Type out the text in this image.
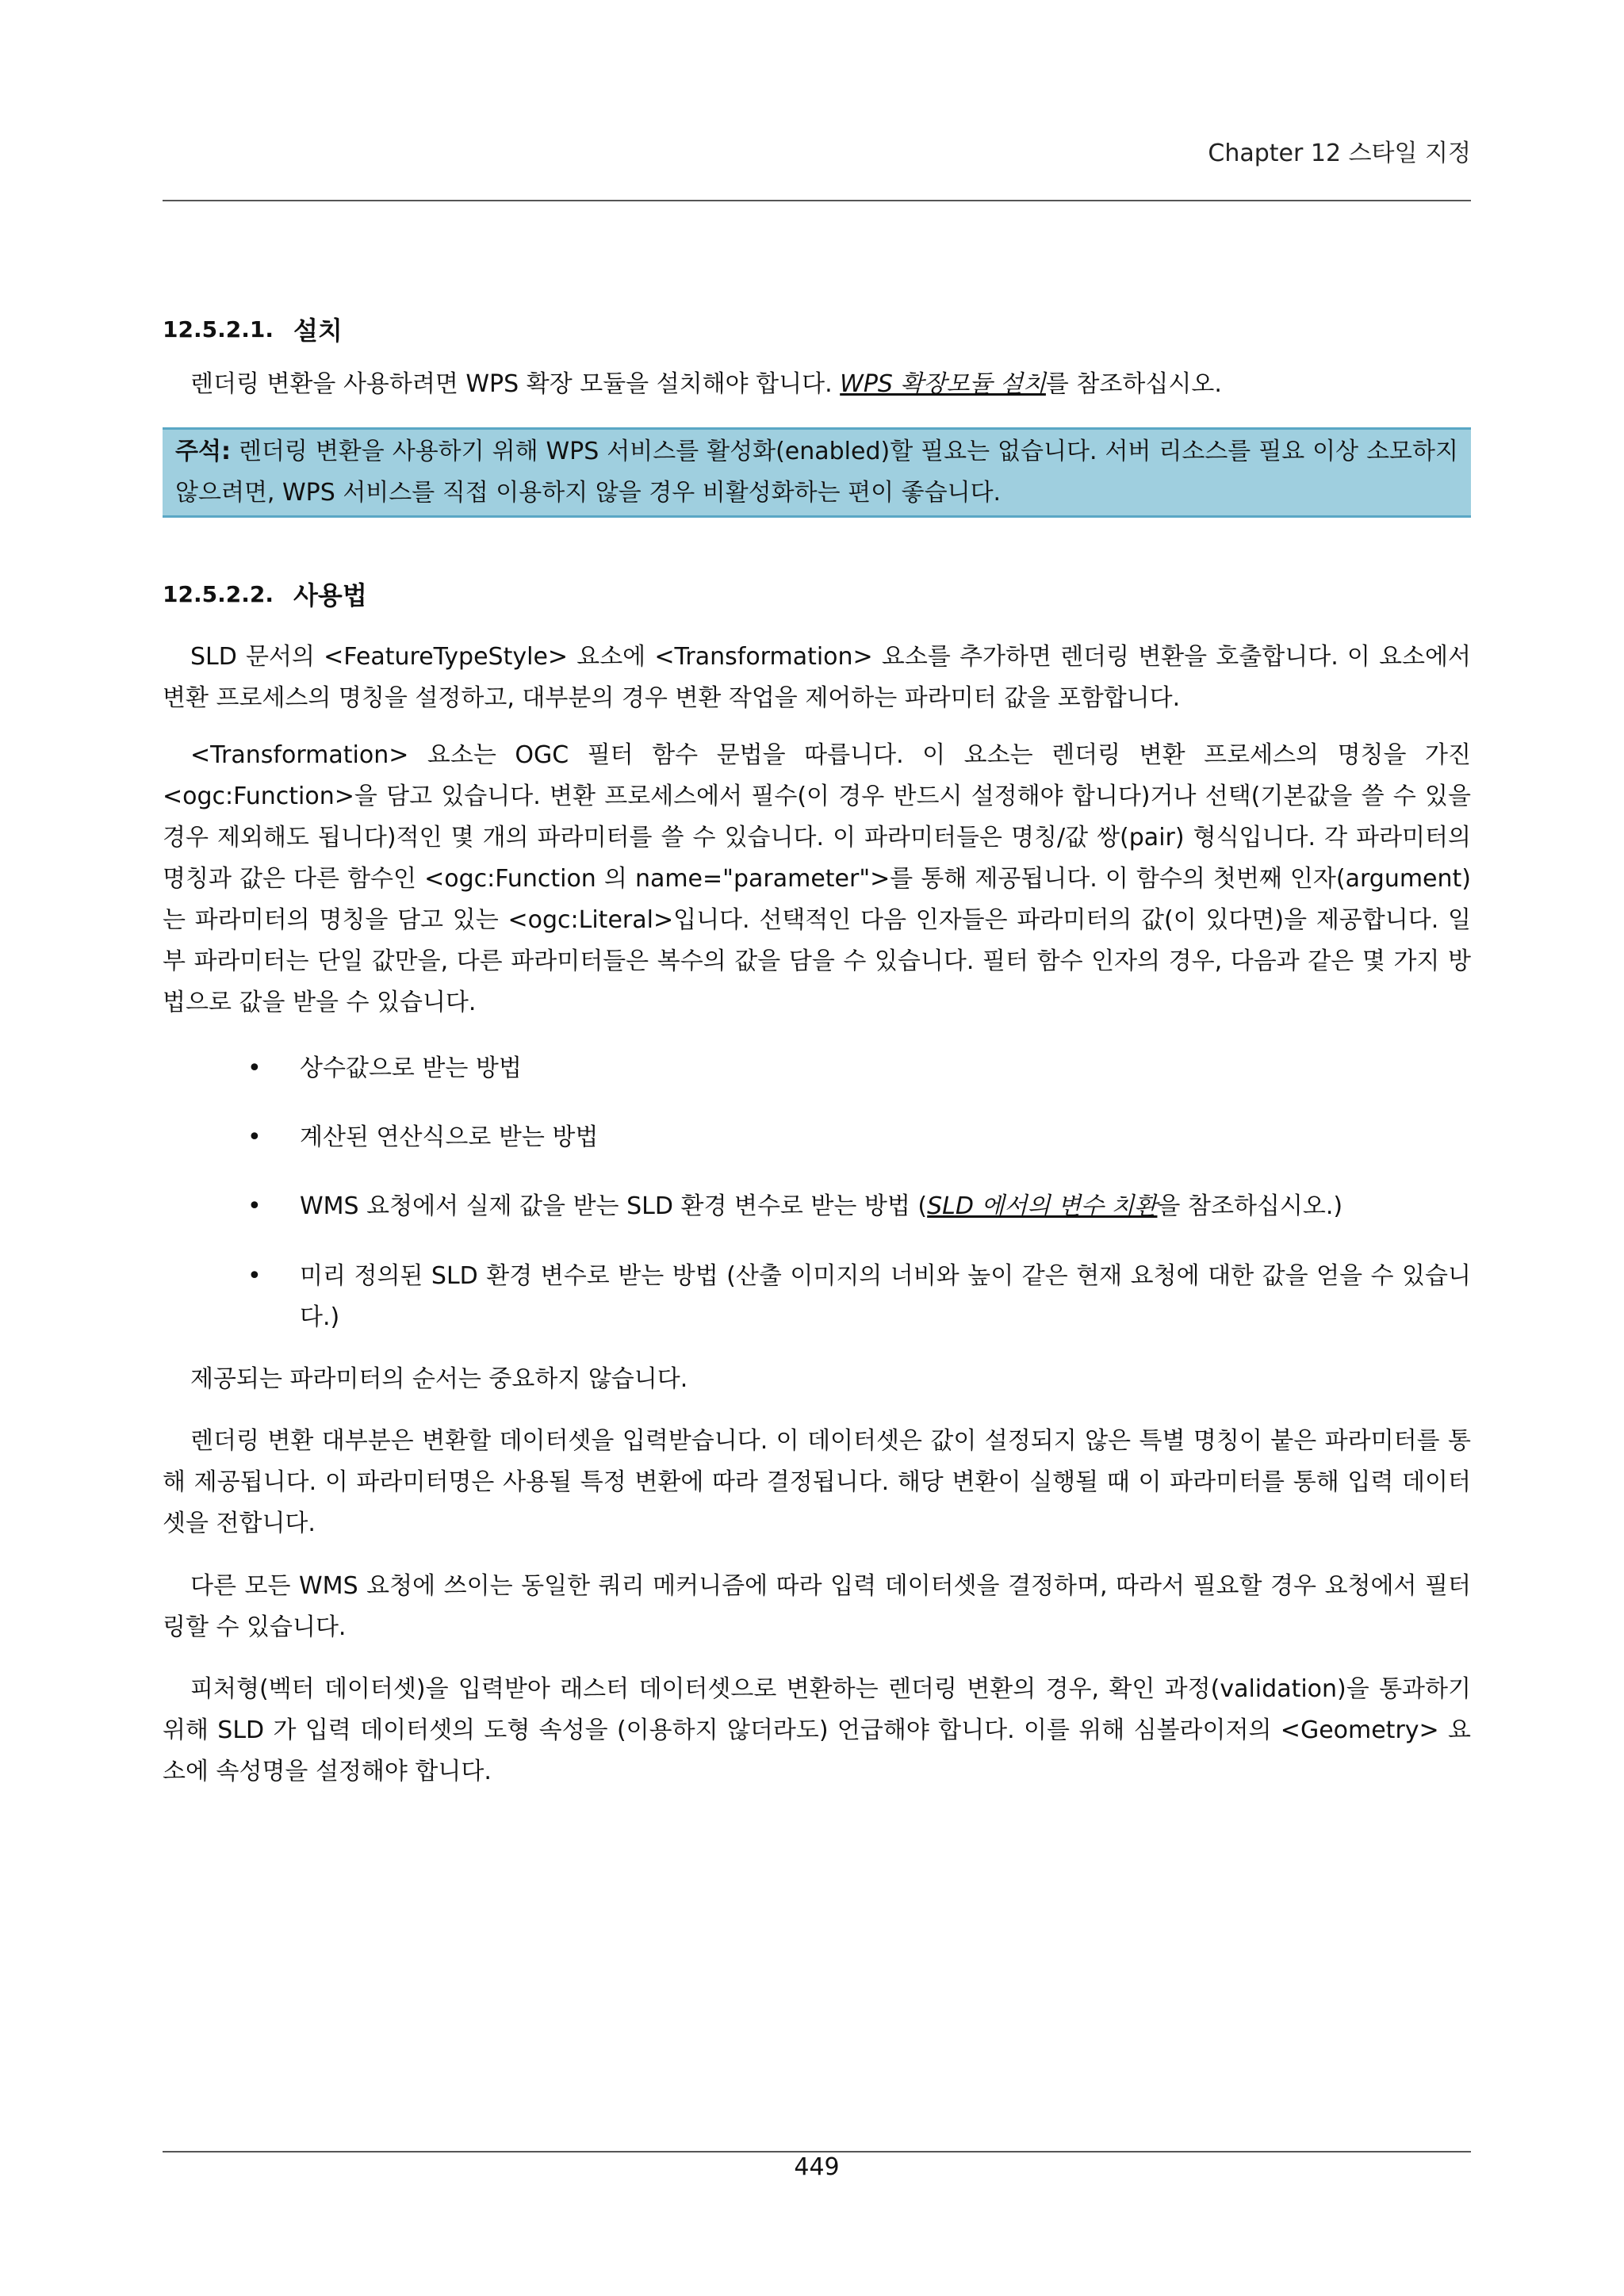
Chapter 12 스타일 지정
12.5.2.1. 설치

렌더링 변환을 사용하려면 WPS 확장 모듈을 설치해야 합니다. WPS 확장모듈 설치를 참조하십시오.

주석: 렌더링 변환을 사용하기 위해 WPS 서비스를 활성화(enabled)할 필요는 없습니다. 서버 리소스를 필요 이상 소모하지 않으려면, WPS 서비스를 직접 이용하지 않을 경우 비활성화하는 편이 좋습니다.
12.5.2.2. 사용법

SLD 문서의 <FeatureTypeStyle> 요소에 <Transformation> 요소를 추가하면 렌더링 변환을 호출합니다. 이 요소에서 변환 프로세스의 명칭을 설정하고, 대부분의 경우 변환 작업을 제어하는 파라미터 값을 포함합니다.

<Transformation> 요소는 OGC 필터 함수 문법을 따릅니다. 이 요소는 렌더링 변환 프로세스의 명칭을 가진 <ogc:Function>을 담고 있습니다. 변환 프로세스에서 필수(이 경우 반드시 설정해야 합니다)거나 선택(기본값을 쓸 수 있을 경우 제외해도 됩니다)적인 몇 개의 파라미터를 쓸 수 있습니다. 이 파라미터들은 명칭/값 쌍(pair) 형식입니다. 각 파라미터의 명칭과 값은 다른 함수인 <ogc:Function 의 name="parameter">를 통해 제공됩니다. 이 함수의 첫번째 인자(argument)는 파라미터의 명칭을 담고 있는 <ogc:Literal>입니다. 선택적인 다음 인자들은 파라미터의 값(이 있다면)을 제공합니다. 일부 파라미터는 단일 값만을, 다른 파라미터들은 복수의 값을 담을 수 있습니다. 필터 함수 인자의 경우, 다음과 같은 몇 가지 방법으로 값을 받을 수 있습니다.

• 상수값으로 받는 방법
• 계산된 연산식으로 받는 방법
• WMS 요청에서 실제 값을 받는 SLD 환경 변수로 받는 방법 (SLD 에서의 변수 치환을 참조하십시오.)
• 미리 정의된 SLD 환경 변수로 받는 방법 (산출 이미지의 너비와 높이 같은 현재 요청에 대한 값을 얻을 수 있습니다.)

제공되는 파라미터의 순서는 중요하지 않습니다.

렌더링 변환 대부분은 변환할 데이터셋을 입력받습니다. 이 데이터셋은 값이 설정되지 않은 특별 명칭이 붙은 파라미터를 통해 제공됩니다. 이 파라미터명은 사용될 특정 변환에 따라 결정됩니다. 해당 변환이 실행될 때 이 파라미터를 통해 입력 데이터셋을 전합니다.

다른 모든 WMS 요청에 쓰이는 동일한 쿼리 메커니즘에 따라 입력 데이터셋을 결정하며, 따라서 필요할 경우 요청에서 필터링할 수 있습니다.

피처형(벡터 데이터셋)을 입력받아 래스터 데이터셋으로 변환하는 렌더링 변환의 경우, 확인 과정(validation)을 통과하기 위해 SLD 가 입력 데이터셋의 도형 속성을 (이용하지 않더라도) 언급해야 합니다. 이를 위해 심볼라이저의 <Geometry> 요소에 속성명을 설정해야 합니다.

449
